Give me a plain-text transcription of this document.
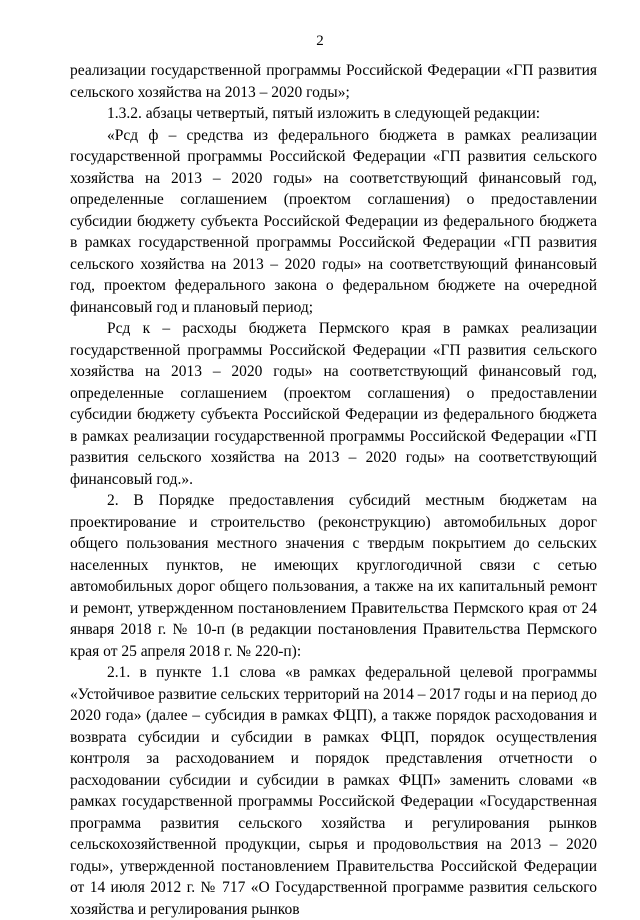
2

реализации государственной программы Российской Федерации «ГП развития сельского хозяйства на 2013 – 2020 годы»;

1.3.2. абзацы четвертый, пятый изложить в следующей редакции:

«Рсд ф – средства из федерального бюджета в рамках реализации государственной программы Российской Федерации «ГП развития сельского хозяйства на 2013 – 2020 годы» на соответствующий финансовый год, определенные соглашением (проектом соглашения) о предоставлении субсидии бюджету субъекта Российской Федерации из федерального бюджета в рамках государственной программы Российской Федерации «ГП развития сельского хозяйства на 2013 – 2020 годы» на соответствующий финансовый год, проектом федерального закона о федеральном бюджете на очередной финансовый год и плановый период;

Рсд к – расходы бюджета Пермского края в рамках реализации государственной программы Российской Федерации «ГП развития сельского хозяйства на 2013 – 2020 годы» на соответствующий финансовый год, определенные соглашением (проектом соглашения) о предоставлении субсидии бюджету субъекта Российской Федерации из федерального бюджета в рамках реализации государственной программы Российской Федерации «ГП развития сельского хозяйства на 2013 – 2020 годы» на соответствующий финансовый год.».

2. В Порядке предоставления субсидий местным бюджетам на проектирование и строительство (реконструкцию) автомобильных дорог общего пользования местного значения с твердым покрытием до сельских населенных пунктов, не имеющих круглогодичной связи с сетью автомобильных дорог общего пользования, а также на их капитальный ремонт и ремонт, утвержденном постановлением Правительства Пермского края от 24 января 2018 г. № 10-п (в редакции постановления Правительства Пермского края от 25 апреля 2018 г. № 220-п):

2.1. в пункте 1.1 слова «в рамках федеральной целевой программы «Устойчивое развитие сельских территорий на 2014 – 2017 годы и на период до 2020 года» (далее – субсидия в рамках ФЦП), а также порядок расходования и возврата субсидии и субсидии в рамках ФЦП, порядок осуществления контроля за расходованием и порядок представления отчетности о расходовании субсидии и субсидии в рамках ФЦП» заменить словами «в рамках государственной программы Российской Федерации «Государственная программа развития сельского хозяйства и регулирования рынков сельскохозяйственной продукции, сырья и продовольствия на 2013 – 2020 годы», утвержденной постановлением Правительства Российской Федерации от 14 июля 2012 г. № 717 «О Государственной программе развития сельского хозяйства и регулирования рынков
